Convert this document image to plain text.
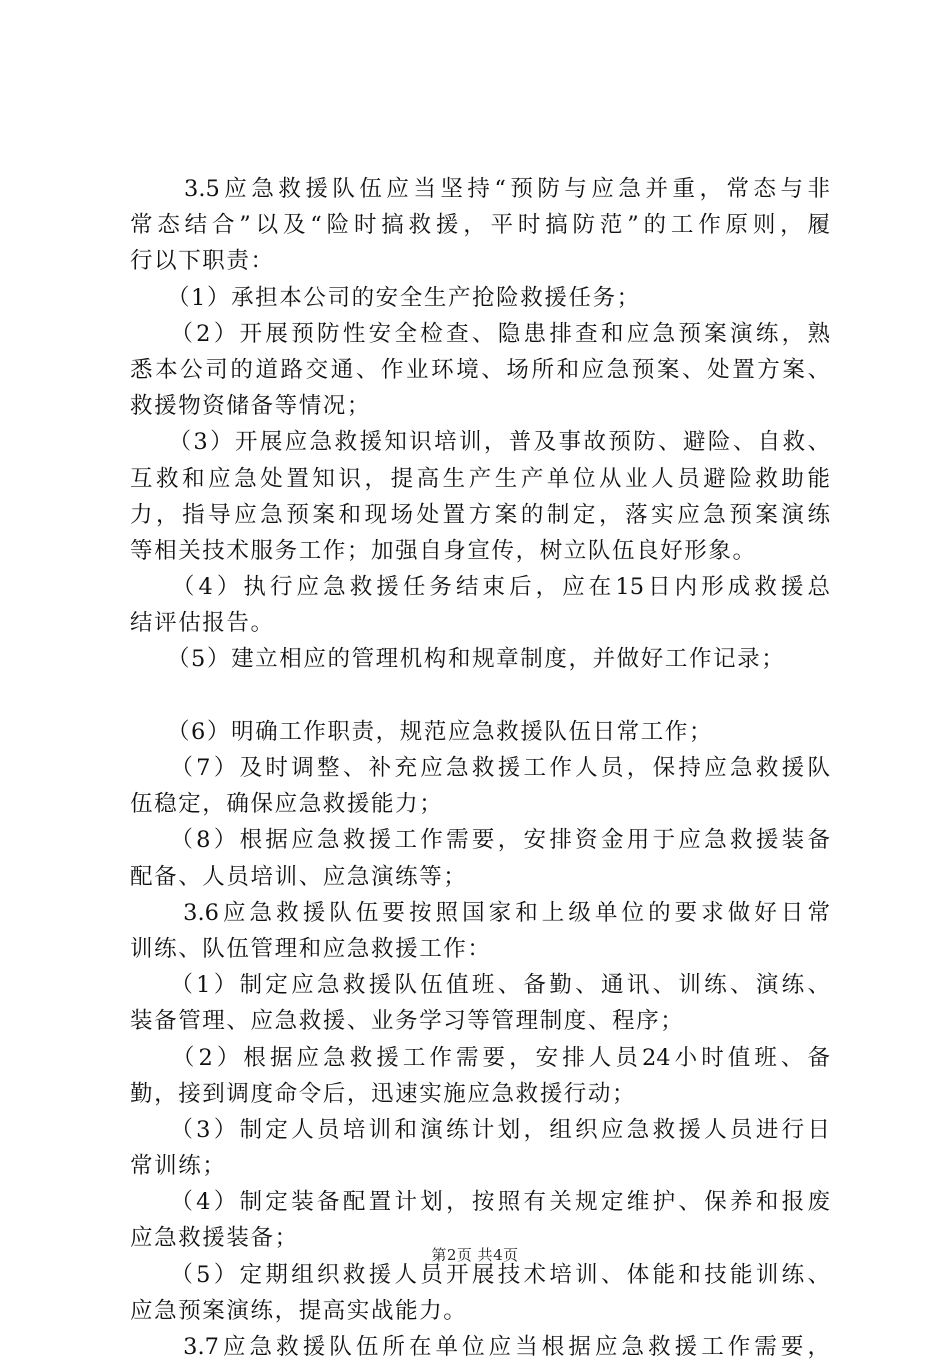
　　3.5应急救援队伍应当坚持“预防与应急并重，常态与非
常态结合”以及“险时搞救援，平时搞防范”的工作原则，履
行以下职责：
　　（1）承担本公司的安全生产抢险救援任务；
　　（2）开展预防性安全检查、隐患排查和应急预案演练，熟
悉本公司的道路交通、作业环境、场所和应急预案、处置方案、
救援物资储备等情况；
　　（3）开展应急救援知识培训，普及事故预防、避险、自救、
互救和应急处置知识，提高生产生产单位从业人员避险救助能
力，指导应急预案和现场处置方案的制定，落实应急预案演练
等相关技术服务工作；加强自身宣传，树立队伍良好形象。
　　（4）执行应急救援任务结束后，应在15日内形成救援总
结评估报告。
　　（5）建立相应的管理机构和规章制度，并做好工作记录；
　　（6）明确工作职责，规范应急救援队伍日常工作；
　　（7）及时调整、补充应急救援工作人员，保持应急救援队
伍稳定，确保应急救援能力；
　　（8）根据应急救援工作需要，安排资金用于应急救援装备
配备、人员培训、应急演练等；
　　3.6应急救援队伍要按照国家和上级单位的要求做好日常
训练、队伍管理和应急救援工作：
　　（1）制定应急救援队伍值班、备勤、通讯、训练、演练、
装备管理、应急救援、业务学习等管理制度、程序；
　　（2）根据应急救援工作需要，安排人员24小时值班、备
勤，接到调度命令后，迅速实施应急救援行动；
　　（3）制定人员培训和演练计划，组织应急救援人员进行日
常训练；
　　（4）制定装备配置计划，按照有关规定维护、保养和报废
应急救援装备；
　　（5）定期组织救援人员开展技术培训、体能和技能训练、
应急预案演练，提高实战能力。
　　3.7应急救援队伍所在单位应当根据应急救援工作需要，
第2页 共4页
